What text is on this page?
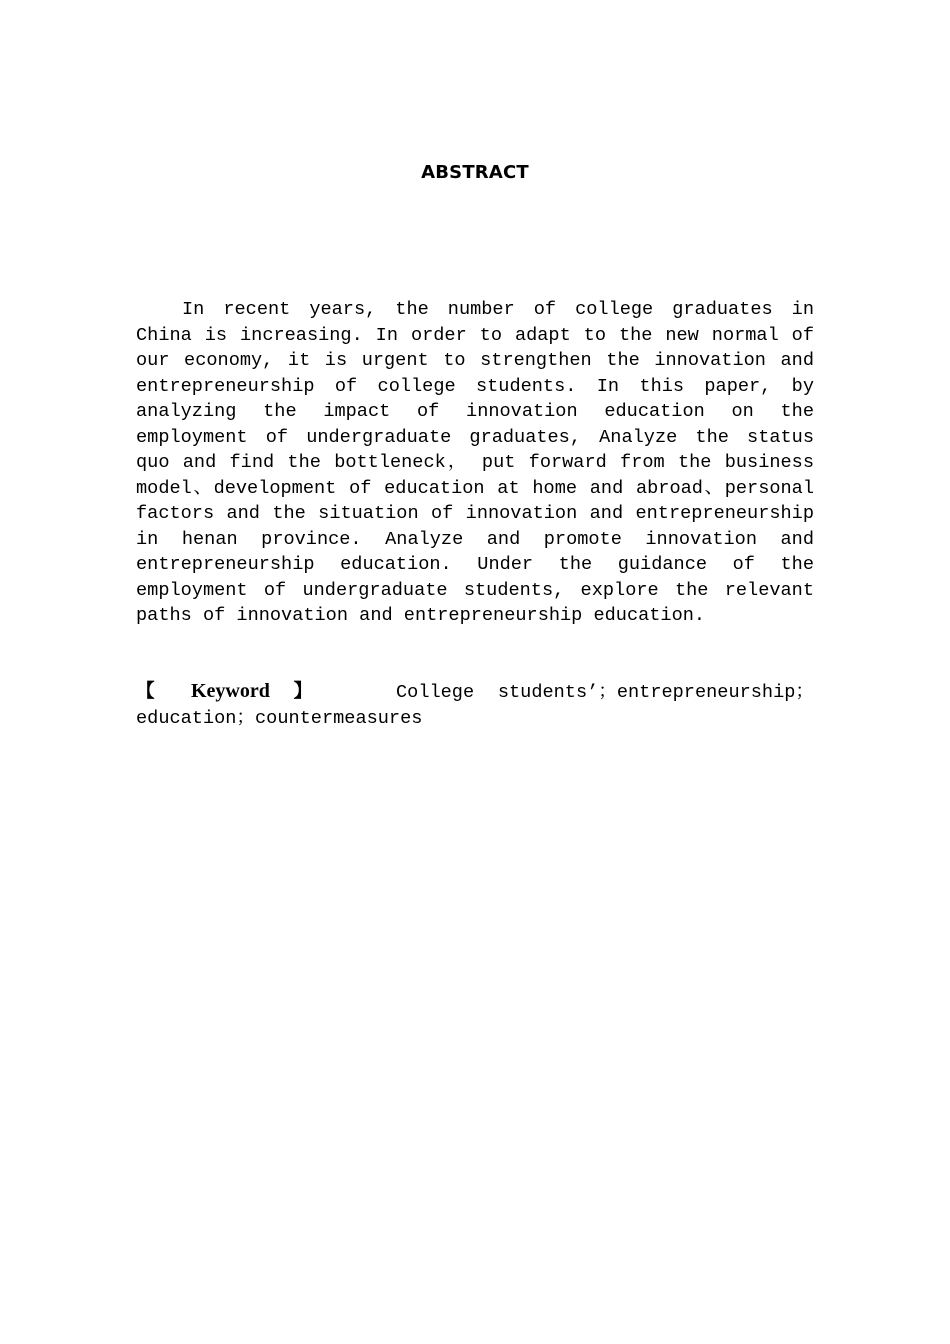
ABSTRACT

In recent years, the number of college graduates in China is increasing. In order to adapt to the new normal of our economy, it is urgent to strengthen the innovation and entrepreneurship of college students. In this paper, by analyzing the impact of innovation education on the employment of undergraduate graduates, Analyze the status quo and find the bottleneck， put forward from the business model、development of education at home and abroad、personal factors and the situation of innovation and entrepreneurship in henan province. Analyze and promote innovation and entrepreneurship education. Under the guidance of the employment of undergraduate students, explore the relevant paths of innovation and entrepreneurship education.

【 Keyword 】	College students’；entrepreneurship；education；countermeasures
